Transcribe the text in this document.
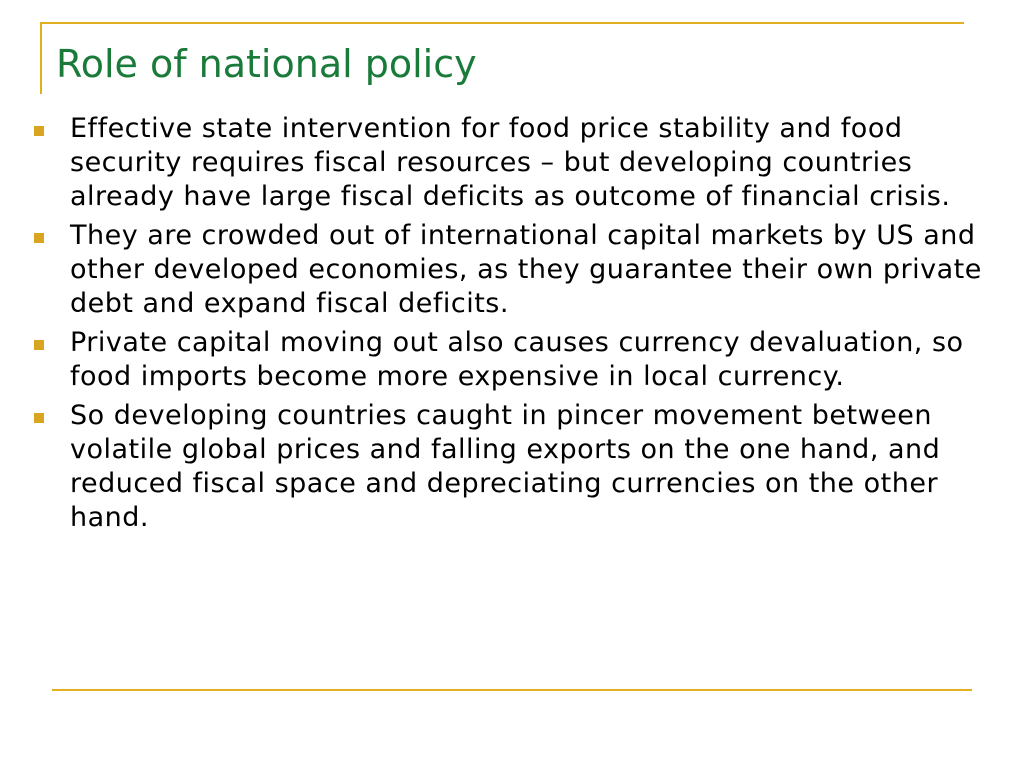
Role of national policy
Effective state intervention for food price stability and food security requires fiscal resources – but developing countries already have large fiscal deficits as outcome of financial crisis.
They are crowded out of international capital markets by US and other developed economies, as they guarantee their own private debt and expand fiscal deficits.
Private capital moving out also causes currency devaluation, so food imports become more expensive in local currency.
So developing countries caught in pincer movement between volatile global prices and falling exports on the one hand, and reduced fiscal space and depreciating currencies on the other hand.
